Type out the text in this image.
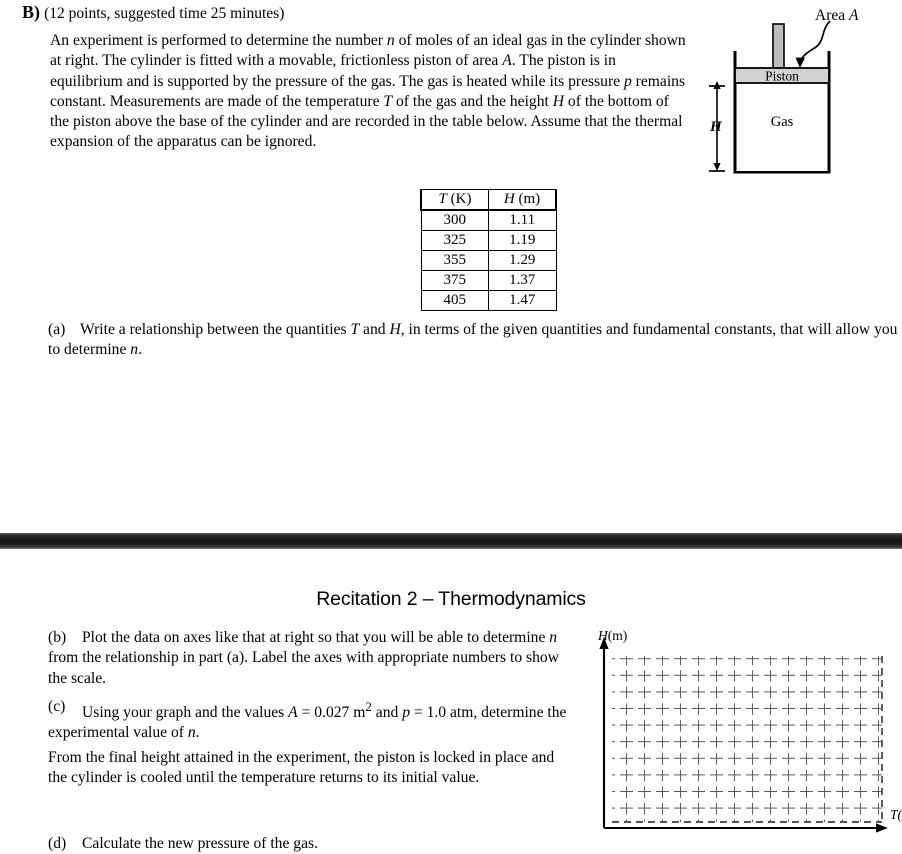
B) (12 points, suggested time 25 minutes)
An experiment is performed to determine the number n of moles of an ideal gas in the cylinder shown at right. The cylinder is fitted with a movable, frictionless piston of area A. The piston is in equilibrium and is supported by the pressure of the gas. The gas is heated while its pressure p remains constant. Measurements are made of the temperature T of the gas and the height H of the bottom of the piston above the base of the cylinder and are recorded in the table below. Assume that the thermal expansion of the apparatus can be ignored.
T (K)	H (m)
300	1.11
325	1.19
355	1.29
375	1.37
405	1.47
Piston
Gas
H
Area A
(a) Write a relationship between the quantities T and H, in terms of the given quantities and fundamental constants, that will allow you to determine n.
Recitation 2 – Thermodynamics
(b) Plot the data on axes like that at right so that you will be able to determine n from the relationship in part (a). Label the axes with appropriate numbers to show the scale.
(c) Using your graph and the values A = 0.027 $m^2$ and p = 1.0 atm, determine the experimental value of n.
From the final height attained in the experiment, the piston is locked in place and the cylinder is cooled until the temperature returns to its initial value.
(d) Calculate the new pressure of the gas.
H(m)
T(
